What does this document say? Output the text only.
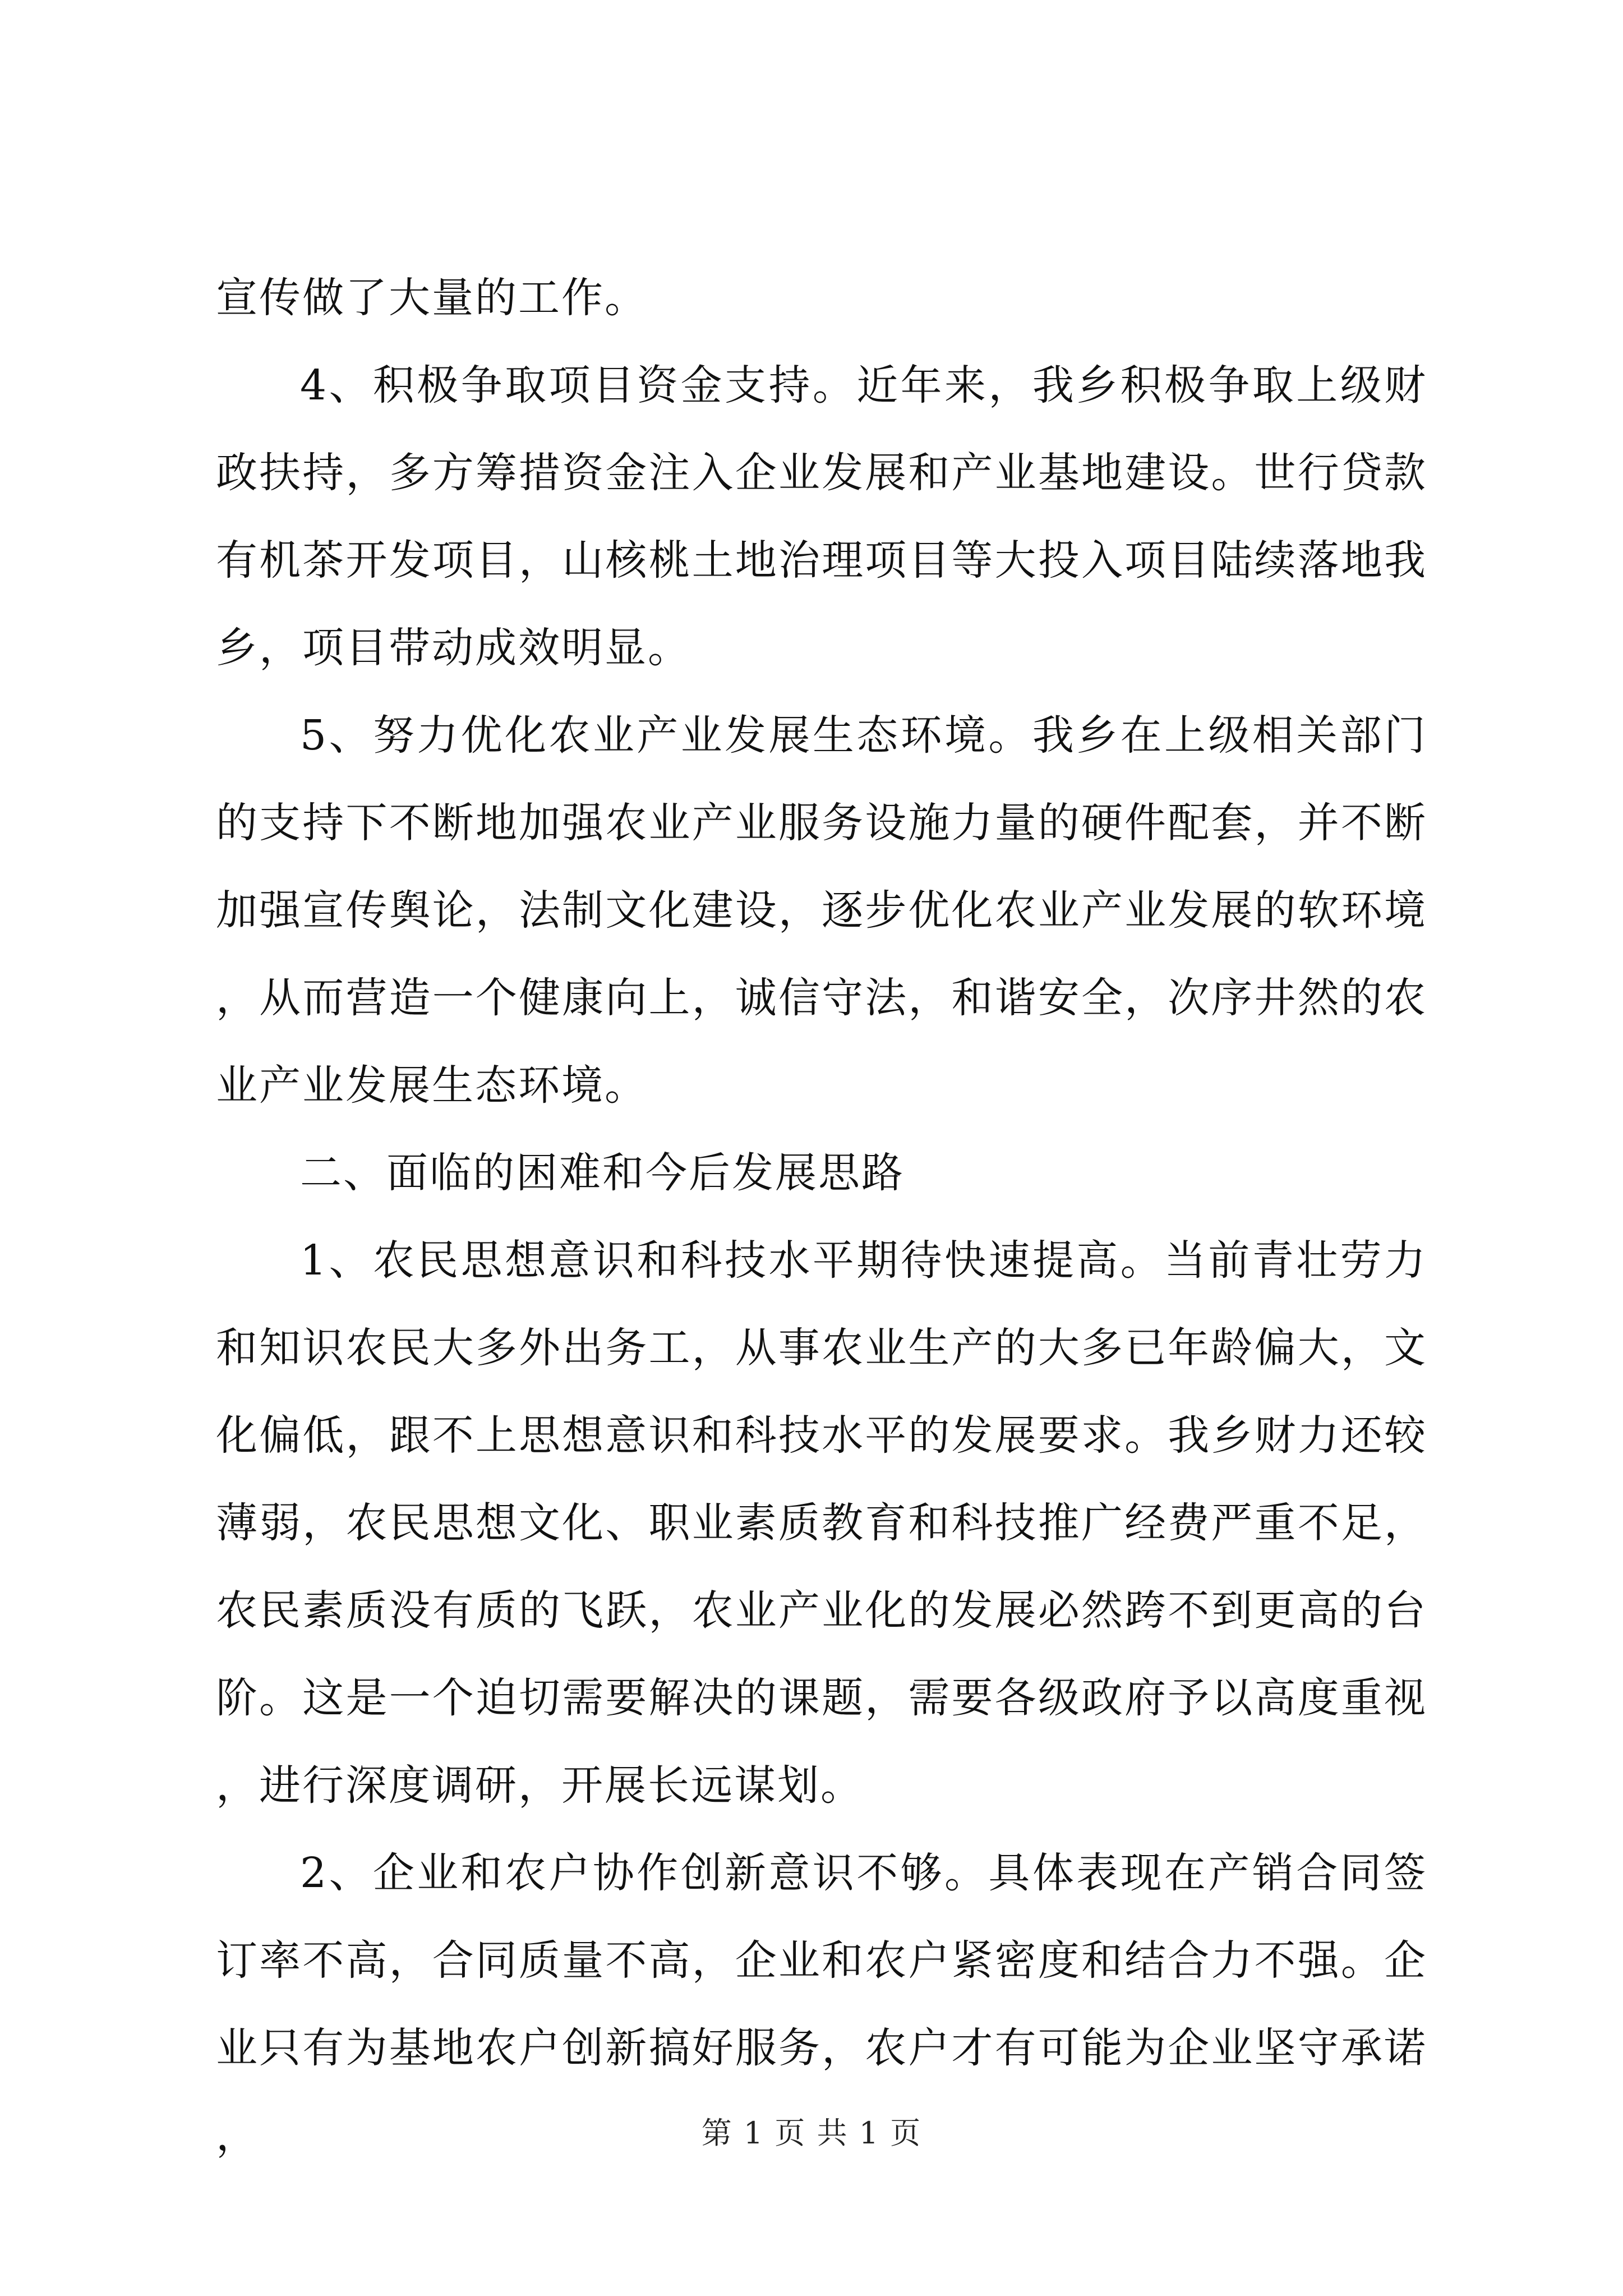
宣传做了大量的工作。

4、积极争取项目资金支持。近年来，我乡积极争取上级财政扶持，多方筹措资金注入企业发展和产业基地建设。世行贷款有机茶开发项目，山核桃土地治理项目等大投入项目陆续落地我乡，项目带动成效明显。

5、努力优化农业产业发展生态环境。我乡在上级相关部门的支持下不断地加强农业产业服务设施力量的硬件配套，并不断加强宣传舆论，法制文化建设，逐步优化农业产业发展的软环境，从而营造一个健康向上，诚信守法，和谐安全，次序井然的农业产业发展生态环境。

二、面临的困难和今后发展思路

1、农民思想意识和科技水平期待快速提高。当前青壮劳力和知识农民大多外出务工，从事农业生产的大多已年龄偏大，文化偏低，跟不上思想意识和科技水平的发展要求。我乡财力还较薄弱，农民思想文化、职业素质教育和科技推广经费严重不足，农民素质没有质的飞跃，农业产业化的发展必然跨不到更高的台阶。这是一个迫切需要解决的课题，需要各级政府予以高度重视，进行深度调研，开展长远谋划。

2、企业和农户协作创新意识不够。具体表现在产销合同签订率不高，合同质量不高，企业和农户紧密度和结合力不强。企业只有为基地农户创新搞好服务，农户才有可能为企业坚守承诺，	第 1 页 共 1 页
